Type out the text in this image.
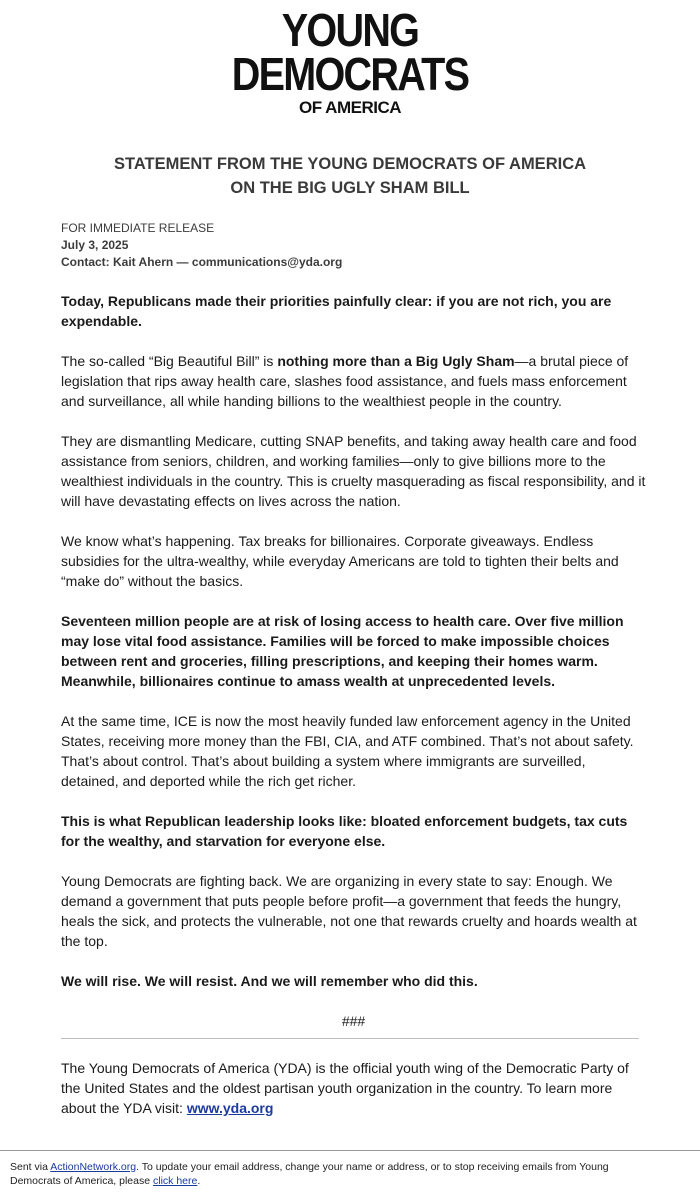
YOUNG
DEMOCRATS
OF AMERICA
STATEMENT FROM THE YOUNG DEMOCRATS OF AMERICA
ON THE BIG UGLY SHAM BILL
FOR IMMEDIATE RELEASE
July 3, 2025
Contact: Kait Ahern — communications@yda.org

Today, Republicans made their priorities painfully clear: if you are not rich, you are expendable.

The so-called “Big Beautiful Bill” is nothing more than a Big Ugly Sham—a brutal piece of legislation that rips away health care, slashes food assistance, and fuels mass enforcement and surveillance, all while handing billions to the wealthiest people in the country.

They are dismantling Medicare, cutting SNAP benefits, and taking away health care and food assistance from seniors, children, and working families—only to give billions more to the wealthiest individuals in the country. This is cruelty masquerading as fiscal responsibility, and it will have devastating effects on lives across the nation.

We know what’s happening. Tax breaks for billionaires. Corporate giveaways. Endless subsidies for the ultra-wealthy, while everyday Americans are told to tighten their belts and “make do” without the basics.

Seventeen million people are at risk of losing access to health care. Over five million may lose vital food assistance. Families will be forced to make impossible choices between rent and groceries, filling prescriptions, and keeping their homes warm. Meanwhile, billionaires continue to amass wealth at unprecedented levels.

At the same time, ICE is now the most heavily funded law enforcement agency in the United States, receiving more money than the FBI, CIA, and ATF combined. That’s not about safety. That’s about control. That’s about building a system where immigrants are surveilled, detained, and deported while the rich get richer.

This is what Republican leadership looks like: bloated enforcement budgets, tax cuts for the wealthy, and starvation for everyone else.

Young Democrats are fighting back. We are organizing in every state to say: Enough. We demand a government that puts people before profit—a government that feeds the hungry, heals the sick, and protects the vulnerable, not one that rewards cruelty and hoards wealth at the top.

We will rise. We will resist. And we will remember who did this.

###

The Young Democrats of America (YDA) is the official youth wing of the Democratic Party of the United States and the oldest partisan youth organization in the country. To learn more about the YDA visit: www.yda.org
Sent via ActionNetwork.org. To update your email address, change your name or address, or to stop receiving emails from Young Democrats of America, please click here.
